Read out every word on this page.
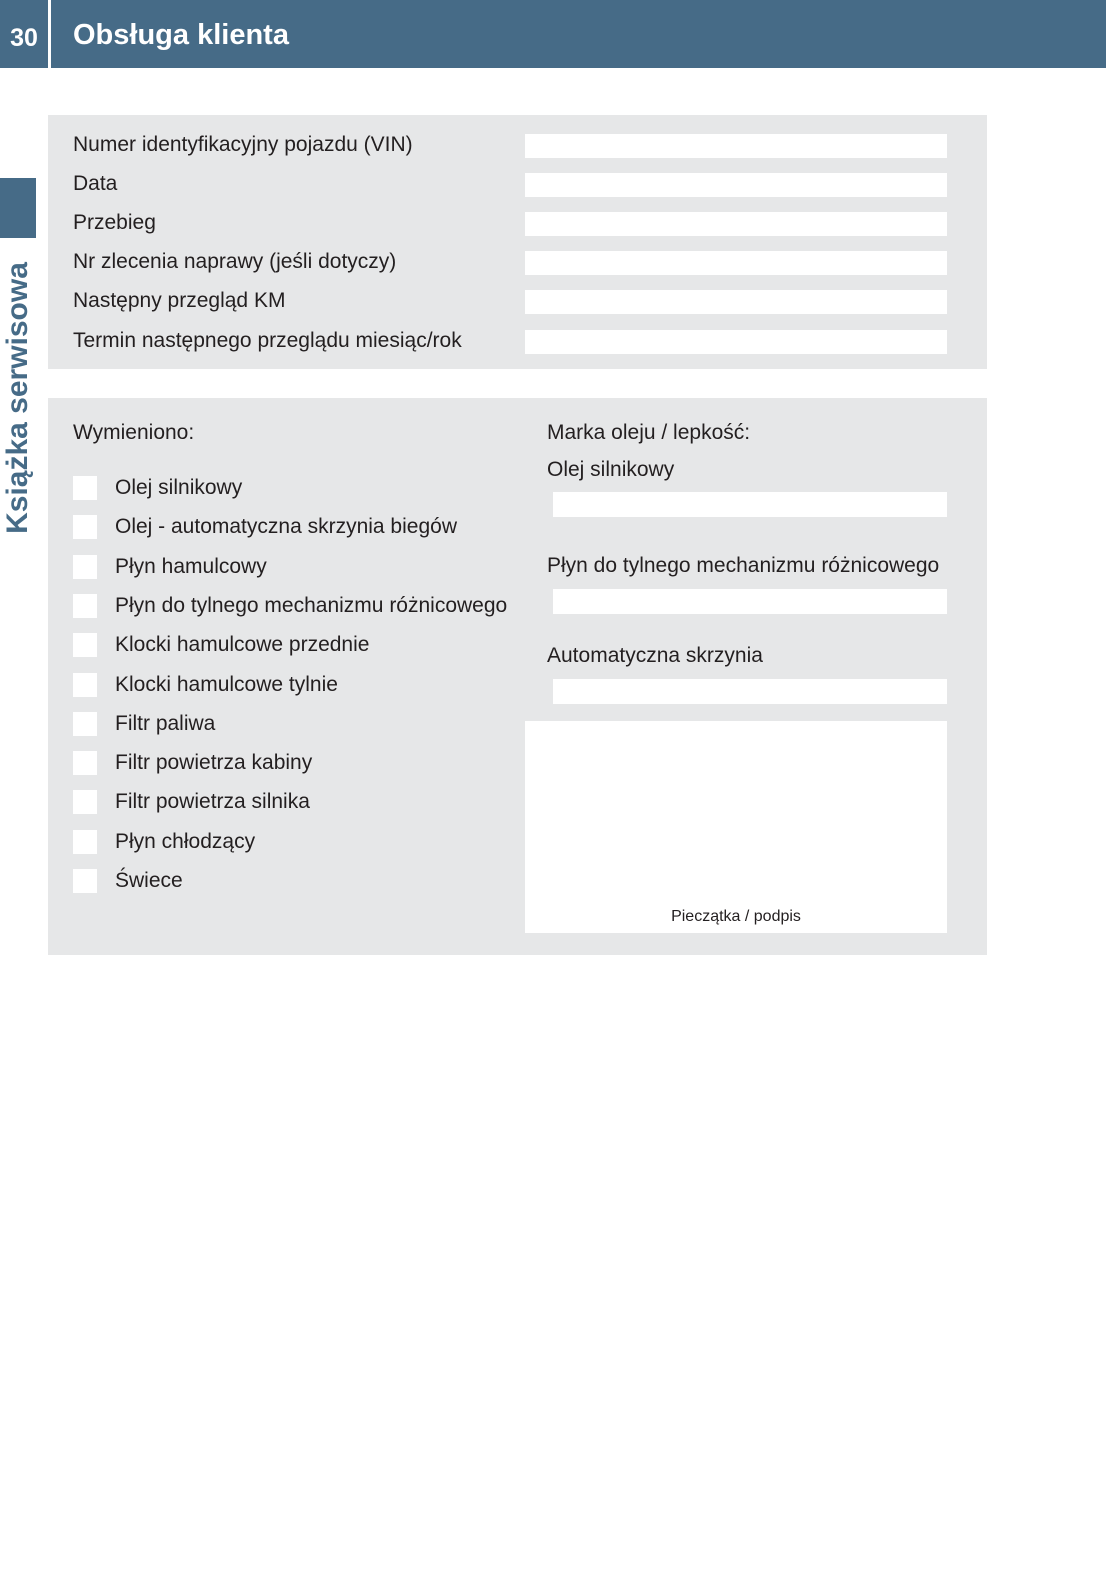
30	Obsługa klienta
Książka serwisowa
Numer identyfikacyjny pojazdu (VIN)
Data
Przebieg
Nr zlecenia naprawy (jeśli dotyczy)
Następny przegląd KM
Termin następnego przeglądu miesiąc/rok
Wymieniono:
Olej silnikowy
Olej - automatyczna skrzynia biegów
Płyn hamulcowy
Płyn do tylnego mechanizmu różnicowego
Klocki hamulcowe przednie
Klocki hamulcowe tylnie
Filtr paliwa
Filtr powietrza kabiny
Filtr powietrza silnika
Płyn chłodzący
Świece
Marka oleju / lepkość:
Olej silnikowy
Płyn do tylnego mechanizmu różnicowego
Automatyczna skrzynia
Pieczątka / podpis
